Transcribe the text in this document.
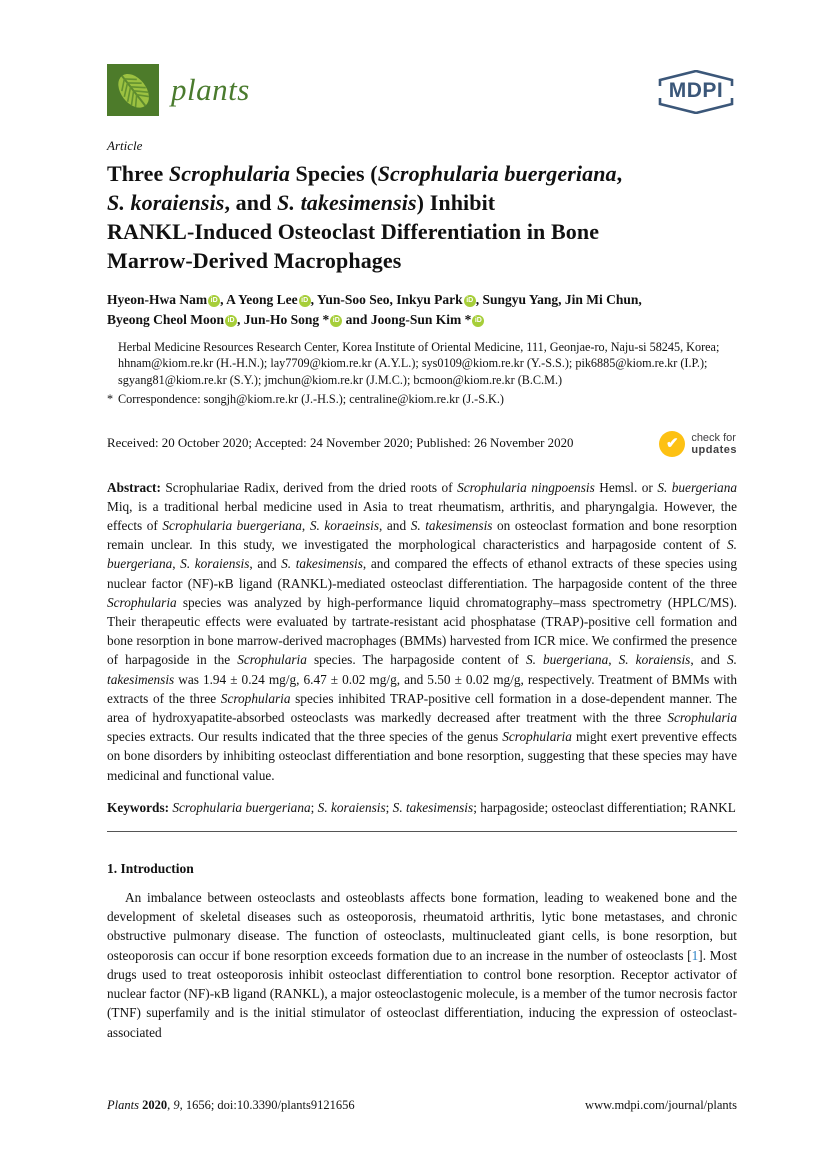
plants	MDPI
Article
Three Scrophularia Species (Scrophularia buergeriana,
S. koraiensis, and S. takesimensis) Inhibit
RANKL-Induced Osteoclast Differentiation in Bone
Marrow-Derived Macrophages
Hyeon-Hwa Nam iD , A Yeong Lee iD , Yun-Soo Seo, Inkyu Park iD , Sungyu Yang, Jin Mi Chun,
Byeong Cheol Moon iD , Jun-Ho Song * iD and Joong-Sun Kim * iD
Herbal Medicine Resources Research Center, Korea Institute of Oriental Medicine, 111, Geonjae-ro, Naju-si 58245, Korea; hhnam@kiom.re.kr (H.-H.N.); lay7709@kiom.re.kr (A.Y.L.); sys0109@kiom.re.kr (Y.-S.S.); pik6885@kiom.re.kr (I.P.); sgyang81@kiom.re.kr (S.Y.); jmchun@kiom.re.kr (J.M.C.); bcmoon@kiom.re.kr (B.C.M.)
* Correspondence: songjh@kiom.re.kr (J.-H.S.); centraline@kiom.re.kr (J.-S.K.)
Received: 20 October 2020; Accepted: 24 November 2020; Published: 26 November 2020	✔	check for
updates

Abstract: Scrophulariae Radix, derived from the dried roots of Scrophularia ningpoensis Hemsl. or S. buergeriana Miq, is a traditional herbal medicine used in Asia to treat rheumatism, arthritis, and pharyngalgia. However, the effects of Scrophularia buergeriana, S. koraeinsis, and S. takesimensis on osteoclast formation and bone resorption remain unclear. In this study, we investigated the morphological characteristics and harpagoside content of S. buergeriana, S. koraiensis, and S. takesimensis, and compared the effects of ethanol extracts of these species using nuclear factor (NF)-κB ligand (RANKL)-mediated osteoclast differentiation. The harpagoside content of the three Scrophularia species was analyzed by high-performance liquid chromatography–mass spectrometry (HPLC/MS). Their therapeutic effects were evaluated by tartrate-resistant acid phosphatase (TRAP)-positive cell formation and bone resorption in bone marrow-derived macrophages (BMMs) harvested from ICR mice. We confirmed the presence of harpagoside in the Scrophularia species. The harpagoside content of S. buergeriana, S. koraiensis, and S. takesimensis was 1.94 ± 0.24 mg/g, 6.47 ± 0.02 mg/g, and 5.50 ± 0.02 mg/g, respectively. Treatment of BMMs with extracts of the three Scrophularia species inhibited TRAP-positive cell formation in a dose-dependent manner. The area of hydroxyapatite-absorbed osteoclasts was markedly decreased after treatment with the three Scrophularia species extracts. Our results indicated that the three species of the genus Scrophularia might exert preventive effects on bone disorders by inhibiting osteoclast differentiation and bone resorption, suggesting that these species may have medicinal and functional value.

Keywords: Scrophularia buergeriana; S. koraiensis; S. takesimensis; harpagoside; osteoclast differentiation; RANKL

1. Introduction

An imbalance between osteoclasts and osteoblasts affects bone formation, leading to weakened bone and the development of skeletal diseases such as osteoporosis, rheumatoid arthritis, lytic bone metastases, and chronic obstructive pulmonary disease. The function of osteoclasts, multinucleated giant cells, is bone resorption, but osteoporosis can occur if bone resorption exceeds formation due to an increase in the number of osteoclasts [1]. Most drugs used to treat osteoporosis inhibit osteoclast differentiation to control bone resorption. Receptor activator of nuclear factor (NF)-κB ligand (RANKL), a major osteoclastogenic molecule, is a member of the tumor necrosis factor (TNF) superfamily and is the initial stimulator of osteoclast differentiation, inducing the expression of osteoclast-associated

Plants 2020, 9, 1656; doi:10.3390/plants9121656	www.mdpi.com/journal/plants
